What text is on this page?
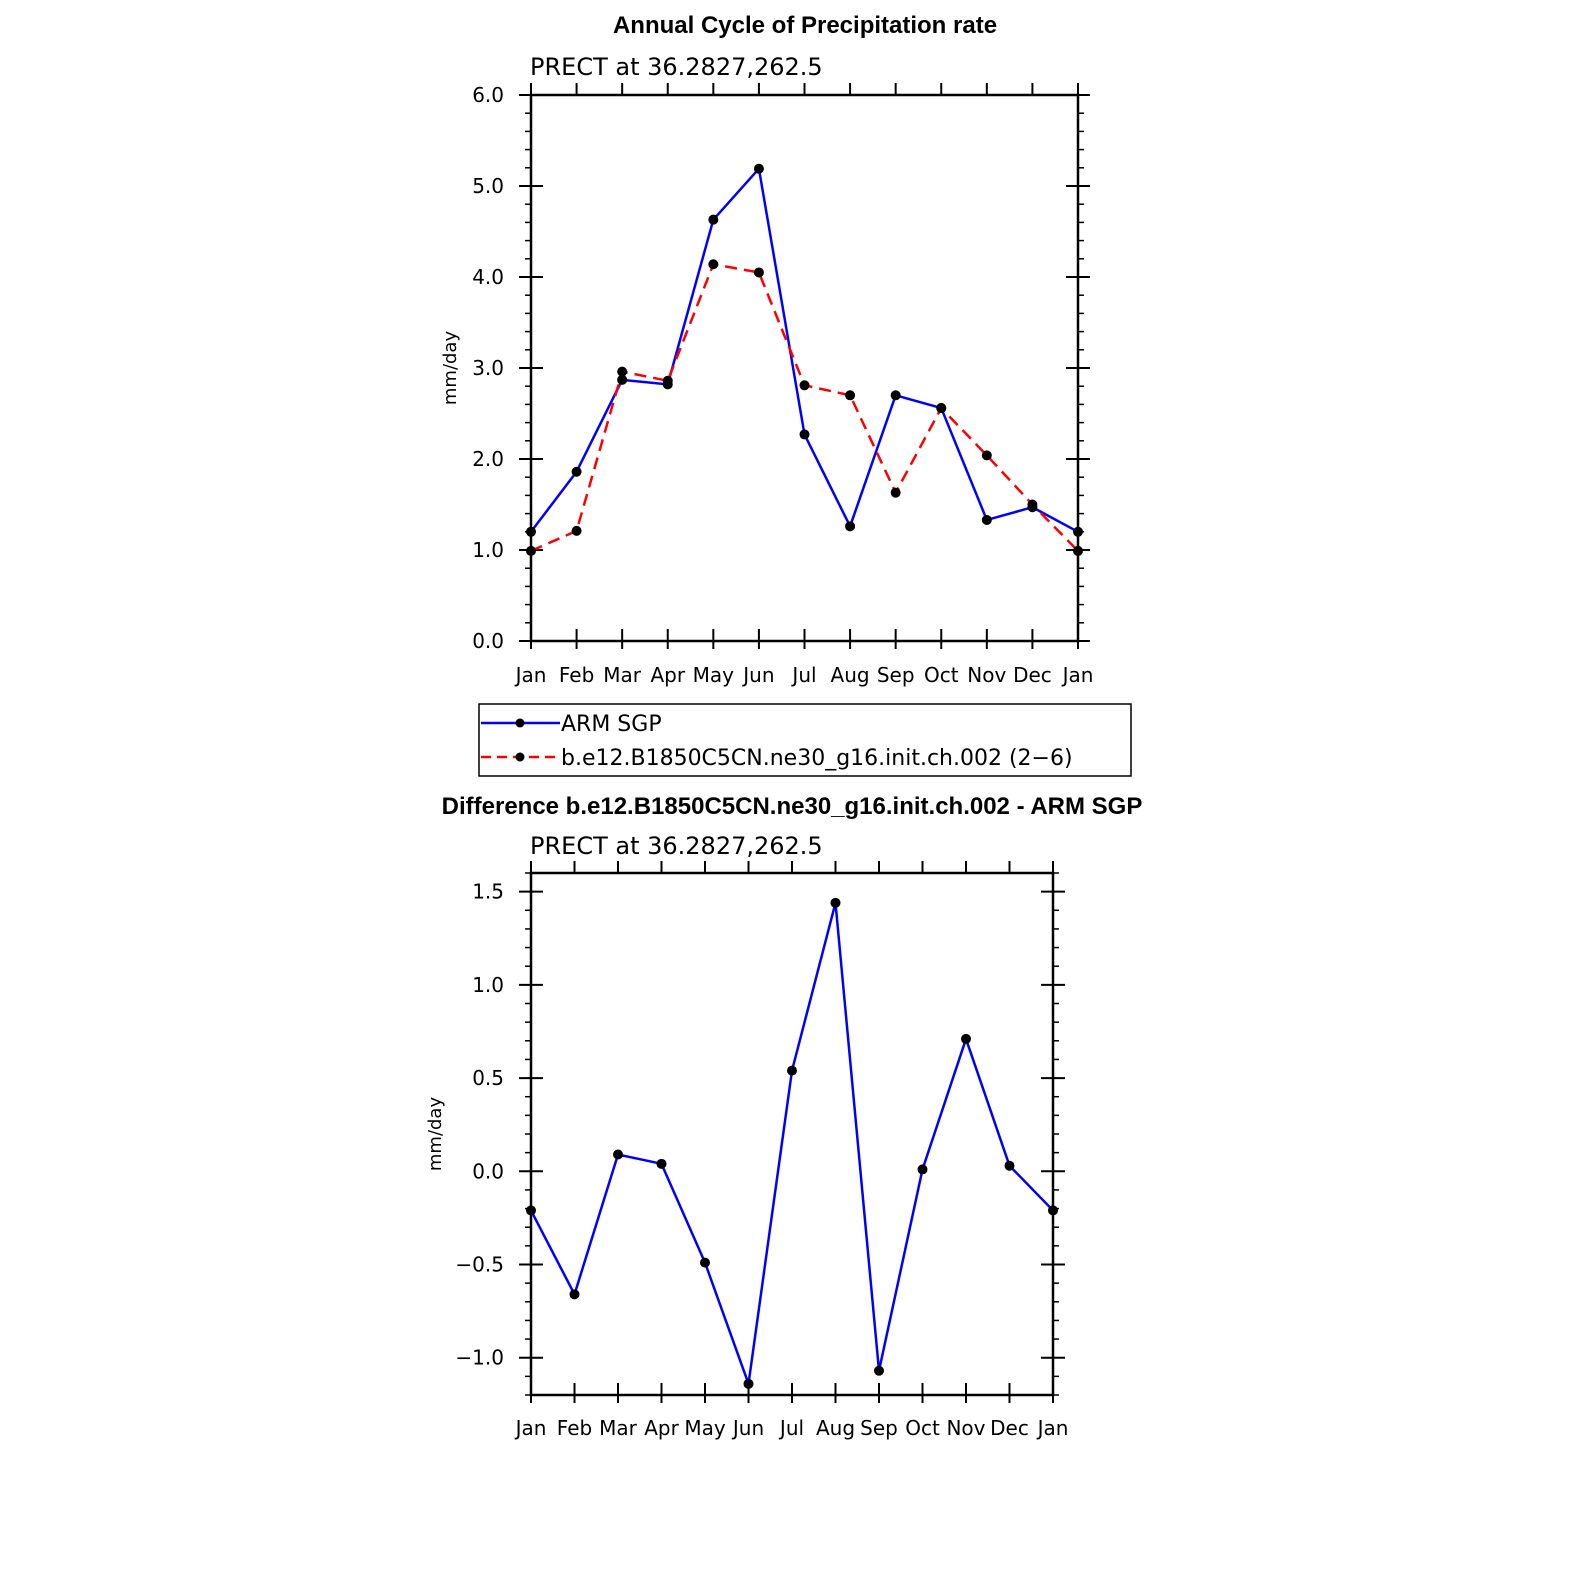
Annual Cycle of Precipitation rate
PRECT at 36.2827,262.5
mm/day
Jan Feb Mar Apr May Jun Jul Aug Sep Oct Nov Dec Jan
0.0
1.0
2.0
3.0
4.0
5.0
6.0
ARM SGP
b.e12.B1850C5CN.ne30_g16.init.ch.002 (2−6)
Difference b.e12.B1850C5CN.ne30_g16.init.ch.002 - ARM SGP
PRECT at 36.2827,262.5
mm/day
Jan Feb Mar Apr May Jun Jul Aug Sep Oct Nov Dec Jan
−1.0
−0.5
0.0
0.5
1.0
1.5
